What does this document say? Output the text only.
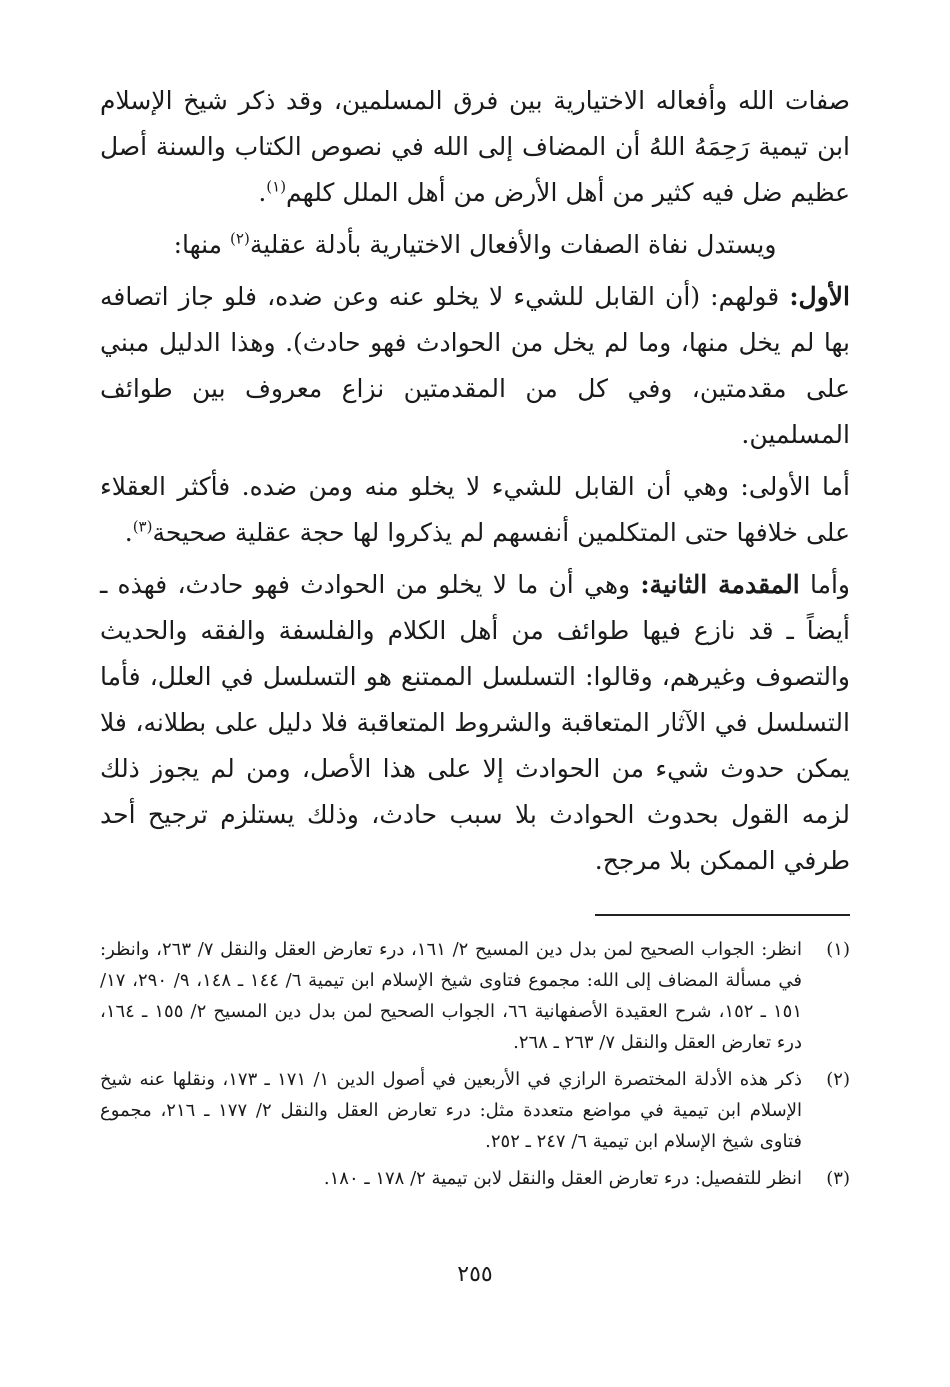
صفات الله وأفعاله الاختيارية بين فرق المسلمين، وقد ذكر شيخ الإسلام ابن تيمية رَحِمَهُ اللهُ أن المضاف إلى الله في نصوص الكتاب والسنة أصل عظيم ضل فيه كثير من أهل الأرض من أهل الملل كلهم$^{(١)}$.

ويستدل نفاة الصفات والأفعال الاختيارية بأدلة عقلية$^{(٢)}$ منها:

الأول: قولهم: (أن القابل للشيء لا يخلو عنه وعن ضده، فلو جاز اتصافه بها لم يخل منها، وما لم يخل من الحوادث فهو حادث). وهذا الدليل مبني على مقدمتين، وفي كل من المقدمتين نزاع معروف بين طوائف المسلمين.

أما الأولى: وهي أن القابل للشيء لا يخلو منه ومن ضده. فأكثر العقلاء على خلافها حتى المتكلمين أنفسهم لم يذكروا لها حجة عقلية صحيحة$^{(٣)}$.

وأما المقدمة الثانية: وهي أن ما لا يخلو من الحوادث فهو حادث، فهذه ـ أيضاً ـ قد نازع فيها طوائف من أهل الكلام والفلسفة والفقه والحديث والتصوف وغيرهم، وقالوا: التسلسل الممتنع هو التسلسل في العلل، فأما التسلسل في الآثار المتعاقبة والشروط المتعاقبة فلا دليل على بطلانه، فلا يمكن حدوث شيء من الحوادث إلا على هذا الأصل، ومن لم يجوز ذلك لزمه القول بحدوث الحوادث بلا سبب حادث، وذلك يستلزم ترجيح أحد طرفي الممكن بلا مرجح.

(١)
انظر: الجواب الصحيح لمن بدل دين المسيح ٢/ ١٦١، درء تعارض العقل والنقل ٧/ ٢٦٣، وانظر: في مسألة المضاف إلى الله: مجموع فتاوى شيخ الإسلام ابن تيمية ٦/ ١٤٤ ـ ١٤٨، ٩/ ٢٩٠، ١٧/ ١٥١ ـ ١٥٢، شرح العقيدة الأصفهانية ٦٦، الجواب الصحيح لمن بدل دين المسيح ٢/ ١٥٥ ـ ١٦٤، درء تعارض العقل والنقل ٧/ ٢٦٣ ـ ٢٦٨.
(٢)
ذكر هذه الأدلة المختصرة الرازي في الأربعين في أصول الدين ١/ ١٧١ ـ ١٧٣، ونقلها عنه شيخ الإسلام ابن تيمية في مواضع متعددة مثل: درء تعارض العقل والنقل ٢/ ١٧٧ ـ ٢١٦، مجموع فتاوى شيخ الإسلام ابن تيمية ٦/ ٢٤٧ ـ ٢٥٢.
(٣)
انظر للتفصيل: درء تعارض العقل والنقل لابن تيمية ٢/ ١٧٨ ـ ١٨٠.
٢٥٥
